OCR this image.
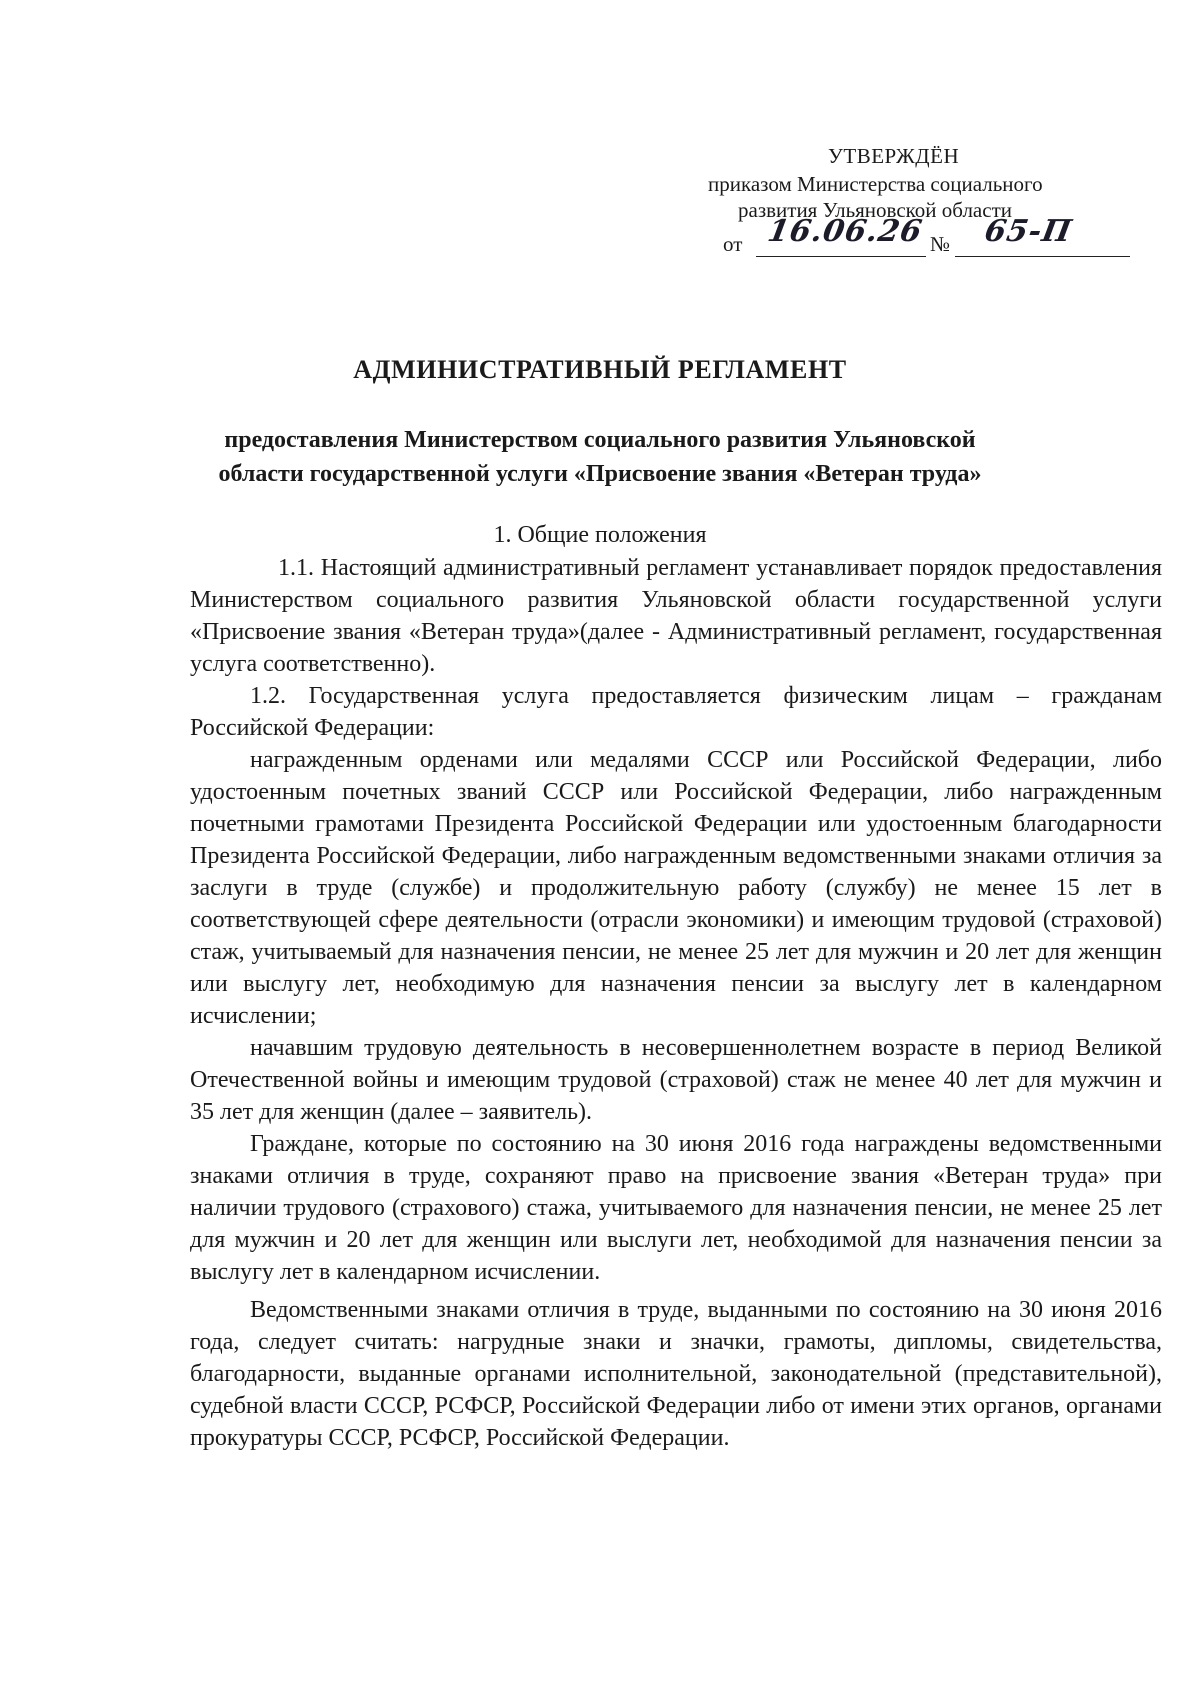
УТВЕРЖДЁН
приказом Министерства социального
развития Ульяновской области
от 16.06.26 № 65-П
АДМИНИСТРАТИВНЫЙ РЕГЛАМЕНТ
предоставления Министерством социального развития Ульяновской
области государственной услуги «Присвоение звания «Ветеран труда»
1. Общие положения

1.1. Настоящий административный регламент устанавливает порядок предоставления Министерством социального развития Ульяновской области государственной услуги «Присвоение звания «Ветеран труда»(далее - Административный регламент, государственная услуга соответственно).

1.2. Государственная услуга предоставляется физическим лицам – гражданам Российской Федерации:

награжденным орденами или медалями СССР или Российской Федерации, либо удостоенным почетных званий СССР или Российской Федерации, либо награжденным почетными грамотами Президента Российской Федерации или удостоенным благодарности Президента Российской Федерации, либо награжденным ведомственными знаками отличия за заслуги в труде (службе) и продолжительную работу (службу) не менее 15 лет в соответствующей сфере деятельности (отрасли экономики) и имеющим трудовой (страховой) стаж, учитываемый для назначения пенсии, не менее 25 лет для мужчин и 20 лет для женщин или выслугу лет, необходимую для назначения пенсии за выслугу лет в календарном исчислении;

начавшим трудовую деятельность в несовершеннолетнем возрасте в период Великой Отечественной войны и имеющим трудовой (страховой) стаж не менее 40 лет для мужчин и 35 лет для женщин (далее – заявитель).

Граждане, которые по состоянию на 30 июня 2016 года награждены ведомственными знаками отличия в труде, сохраняют право на присвоение звания «Ветеран труда» при наличии трудового (страхового) стажа, учитываемого для назначения пенсии, не менее 25 лет для мужчин и 20 лет для женщин или выслуги лет, необходимой для назначения пенсии за выслугу лет в календарном исчислении.

Ведомственными знаками отличия в труде, выданными по состоянию на 30 июня 2016 года, следует считать: нагрудные знаки и значки, грамоты, дипломы, свидетельства, благодарности, выданные органами исполнительной, законодательной (представительной), судебной власти СССР, РСФСР, Российской Федерации либо от имени этих органов, органами прокуратуры СССР, РСФСР, Российской Федерации.
